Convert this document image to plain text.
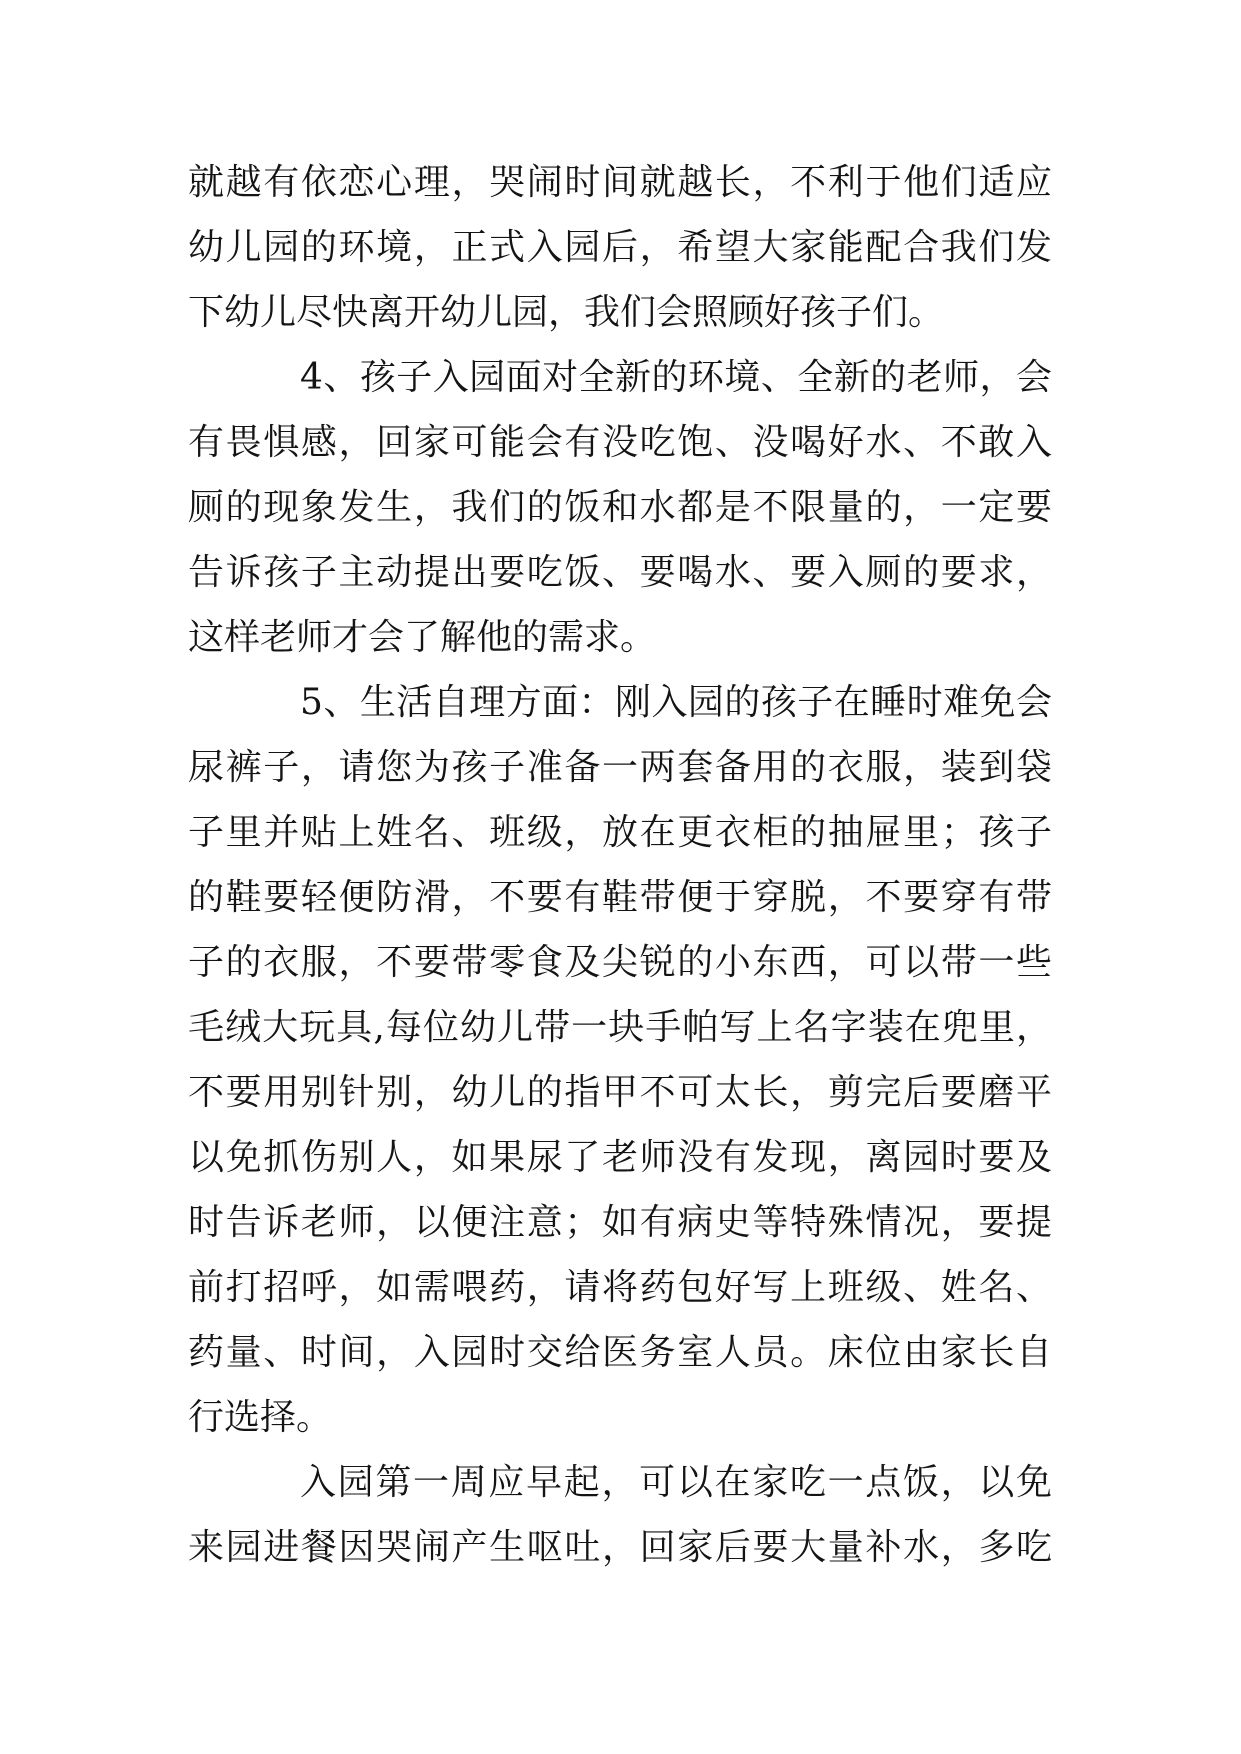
就越有依恋心理，哭闹时间就越长，不利于他们适应
幼儿园的环境，正式入园后，希望大家能配合我们发
下幼儿尽快离开幼儿园，我们会照顾好孩子们。
4、孩子入园面对全新的环境、全新的老师，会
有畏惧感，回家可能会有没吃饱、没喝好水、不敢入
厕的现象发生，我们的饭和水都是不限量的，一定要
告诉孩子主动提出要吃饭、要喝水、要入厕的要求，
这样老师才会了解他的需求。
5、生活自理方面：刚入园的孩子在睡时难免会
尿裤子，请您为孩子准备一两套备用的衣服，装到袋
子里并贴上姓名、班级，放在更衣柜的抽屉里；孩子
的鞋要轻便防滑，不要有鞋带便于穿脱，不要穿有带
子的衣服，不要带零食及尖锐的小东西，可以带一些
毛绒大玩具,每位幼儿带一块手帕写上名字装在兜里，
不要用别针别，幼儿的指甲不可太长，剪完后要磨平
以免抓伤别人，如果尿了老师没有发现，离园时要及
时告诉老师，以便注意；如有病史等特殊情况，要提
前打招呼，如需喂药，请将药包好写上班级、姓名、
药量、时间，入园时交给医务室人员。床位由家长自
行选择。
入园第一周应早起，可以在家吃一点饭，以免
来园进餐因哭闹产生呕吐，回家后要大量补水，多吃
